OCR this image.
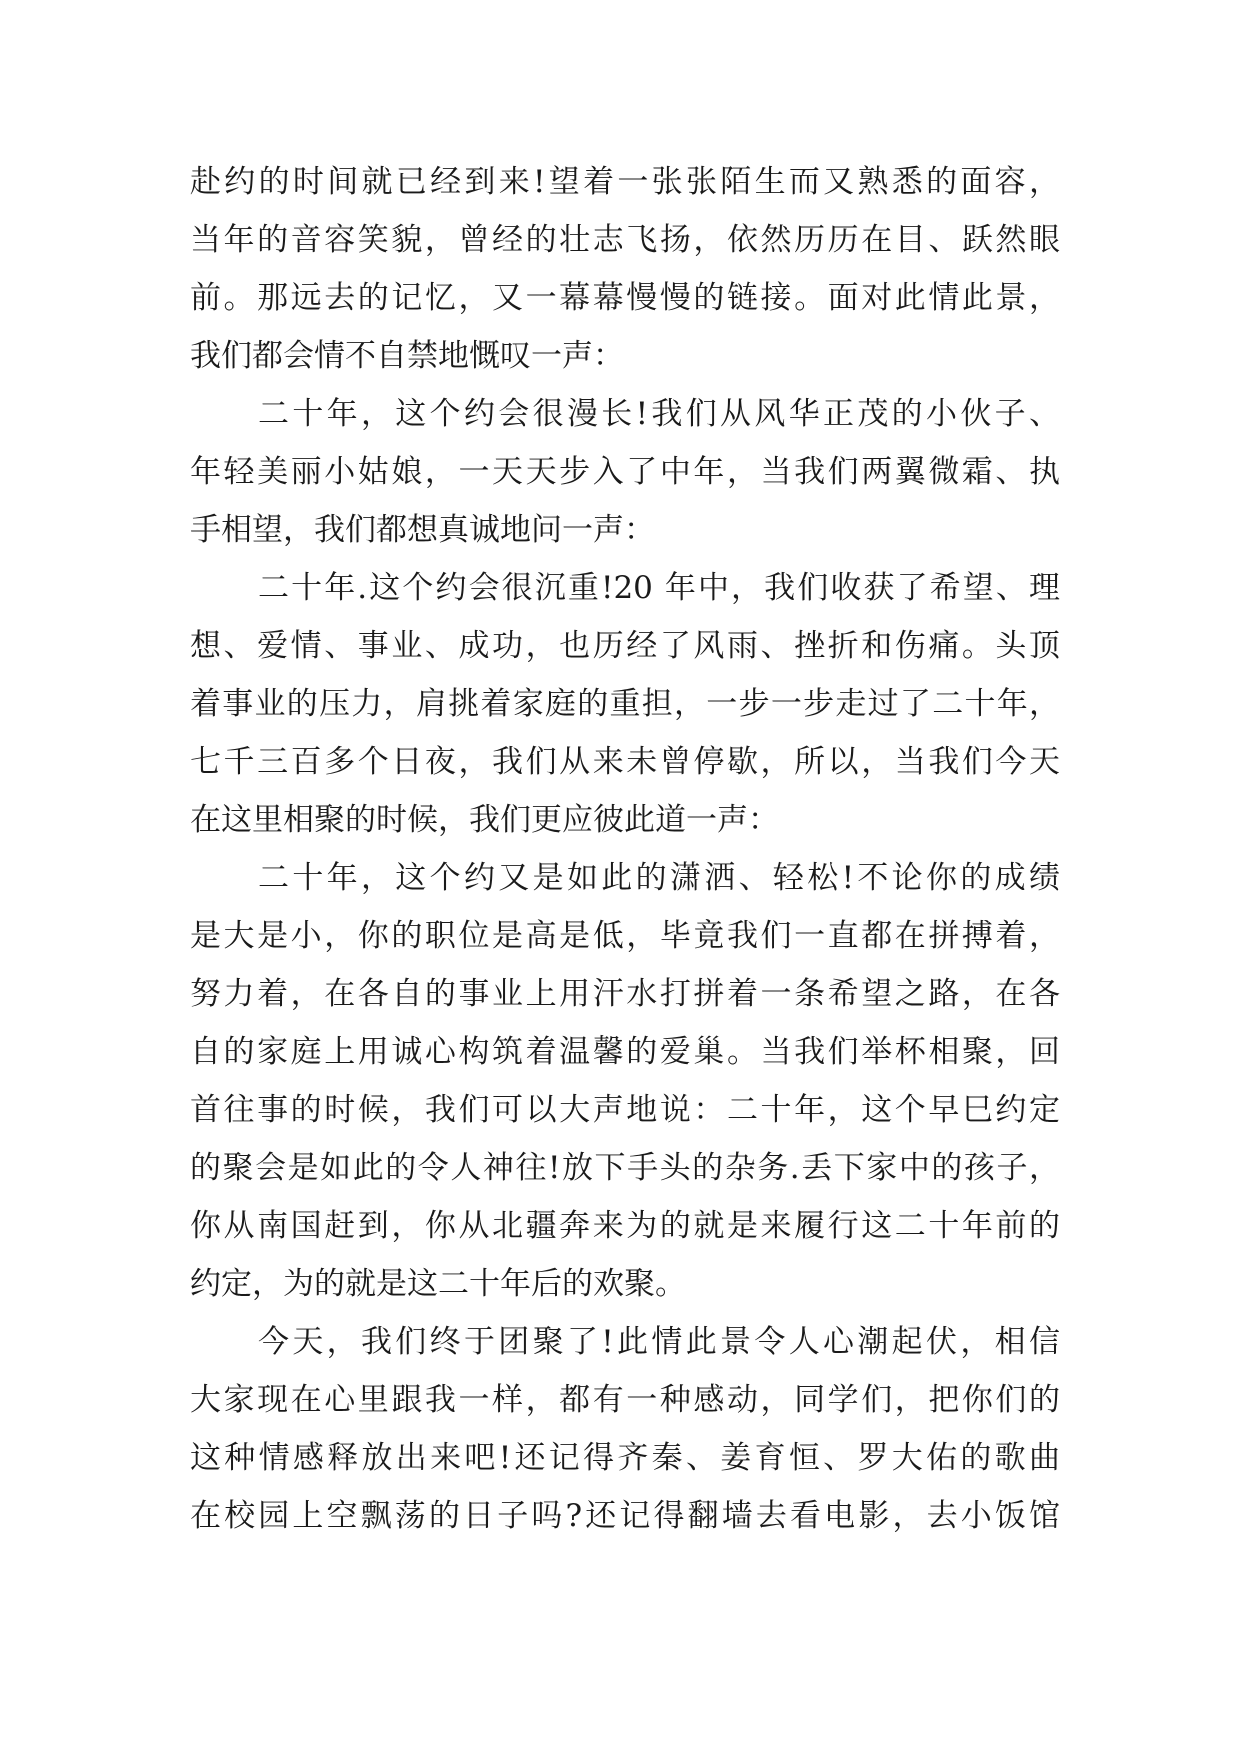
赴约的时间就已经到来!望着一张张陌生而又熟悉的面容，
当年的音容笑貌，曾经的壮志飞扬，依然历历在目、跃然眼
前。那远去的记忆，又一幕幕慢慢的链接。面对此情此景，
我们都会情不自禁地慨叹一声：
二十年，这个约会很漫长!我们从风华正茂的小伙子、
年轻美丽小姑娘，一天天步入了中年，当我们两翼微霜、执
手相望，我们都想真诚地问一声：
二十年.这个约会很沉重!20 年中，我们收获了希望、理
想、爱情、事业、成功，也历经了风雨、挫折和伤痛。头顶
着事业的压力，肩挑着家庭的重担，一步一步走过了二十年，
七千三百多个日夜，我们从来未曾停歇，所以，当我们今天
在这里相聚的时候，我们更应彼此道一声：
二十年，这个约又是如此的潇洒、轻松!不论你的成绩
是大是小，你的职位是高是低，毕竟我们一直都在拼搏着，
努力着，在各自的事业上用汗水打拼着一条希望之路，在各
自的家庭上用诚心构筑着温馨的爱巢。当我们举杯相聚，回
首往事的时候，我们可以大声地说：二十年，这个早巳约定
的聚会是如此的令人神往!放下手头的杂务.丢下家中的孩子，
你从南国赶到，你从北疆奔来为的就是来履行这二十年前的
约定，为的就是这二十年后的欢聚。
今天，我们终于团聚了!此情此景令人心潮起伏，相信
大家现在心里跟我一样，都有一种感动，同学们，把你们的
这种情感释放出来吧!还记得齐秦、姜育恒、罗大佑的歌曲
在校园上空飘荡的日子吗?还记得翻墙去看电影，去小饭馆
